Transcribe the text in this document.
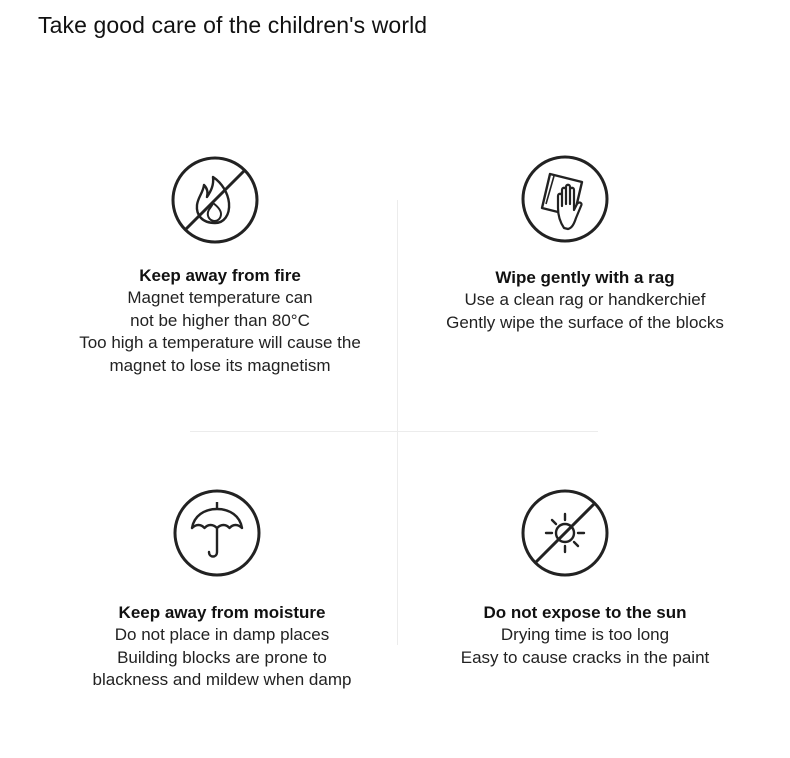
Take good care of the children's world
Keep away from fire
Magnet temperature can
not be higher than 80°C
Too high a temperature will cause the
magnet to lose its magnetism
Wipe gently with a rag
Use a clean rag or handkerchief
Gently wipe the surface of the blocks
Keep away from moisture
Do not place in damp places
Building blocks are prone to
blackness and mildew when damp
Do not expose to the sun
Drying time is too long
Easy to cause cracks in the paint
